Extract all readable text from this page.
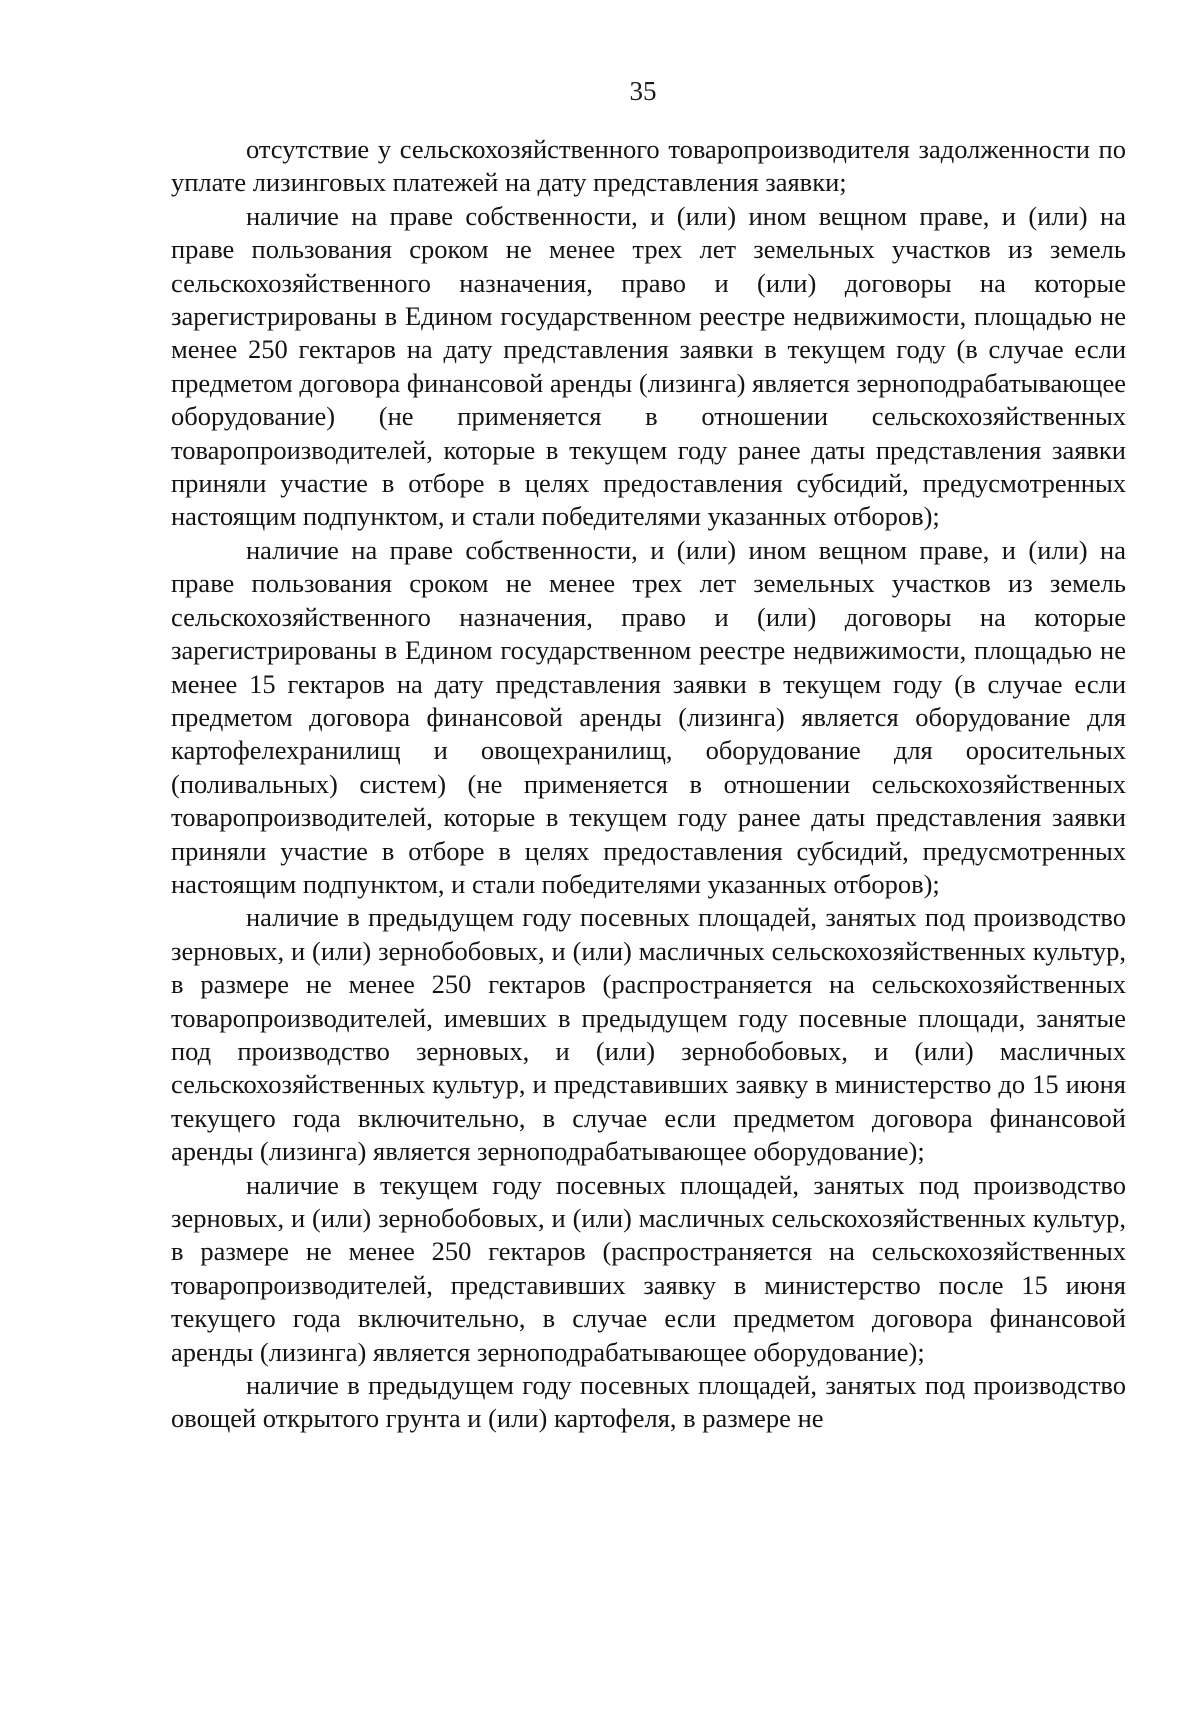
35

отсутствие у сельскохозяйственного товаропроизводителя задолженности по уплате лизинговых платежей на дату представления заявки;

наличие на праве собственности, и (или) ином вещном праве, и (или) на праве пользования сроком не менее трех лет земельных участков из земель сельскохозяйственного назначения, право и (или) договоры на которые зарегистрированы в Едином государственном реестре недвижимости, площадью не менее 250 гектаров на дату представления заявки в текущем году (в случае если предметом договора финансовой аренды (лизинга) является зерноподрабатывающее оборудование) (не применяется в отношении сельскохозяйственных товаропроизводителей, которые в текущем году ранее даты представления заявки приняли участие в отборе в целях предоставления субсидий, предусмотренных настоящим подпунктом, и стали победителями указанных отборов);

наличие на праве собственности, и (или) ином вещном праве, и (или) на праве пользования сроком не менее трех лет земельных участков из земель сельскохозяйственного назначения, право и (или) договоры на которые зарегистрированы в Едином государственном реестре недвижимости, площадью не менее 15 гектаров на дату представления заявки в текущем году (в случае если предметом договора финансовой аренды (лизинга) является оборудование для картофелехранилищ и овощехранилищ, оборудование для оросительных (поливальных) систем) (не применяется в отношении сельскохозяйственных товаропроизводителей, которые в текущем году ранее даты представления заявки приняли участие в отборе в целях предоставления субсидий, предусмотренных настоящим подпунктом, и стали победителями указанных отборов);

наличие в предыдущем году посевных площадей, занятых под производство зерновых, и (или) зернобобовых, и (или) масличных сельскохозяйственных культур, в размере не менее 250 гектаров (распространяется на сельскохозяйственных товаропроизводителей, имевших в предыдущем году посевные площади, занятые под производство зерновых, и (или) зернобобовых, и (или) масличных сельскохозяйственных культур, и представивших заявку в министерство до 15 июня текущего года включительно, в случае если предметом договора финансовой аренды (лизинга) является зерноподрабатывающее оборудование);

наличие в текущем году посевных площадей, занятых под производство зерновых, и (или) зернобобовых, и (или) масличных сельскохозяйственных культур, в размере не менее 250 гектаров (распространяется на сельскохозяйственных товаропроизводителей, представивших заявку в министерство после 15 июня текущего года включительно, в случае если предметом договора финансовой аренды (лизинга) является зерноподрабатывающее оборудование);

наличие в предыдущем году посевных площадей, занятых под производство овощей открытого грунта и (или) картофеля, в размере не
